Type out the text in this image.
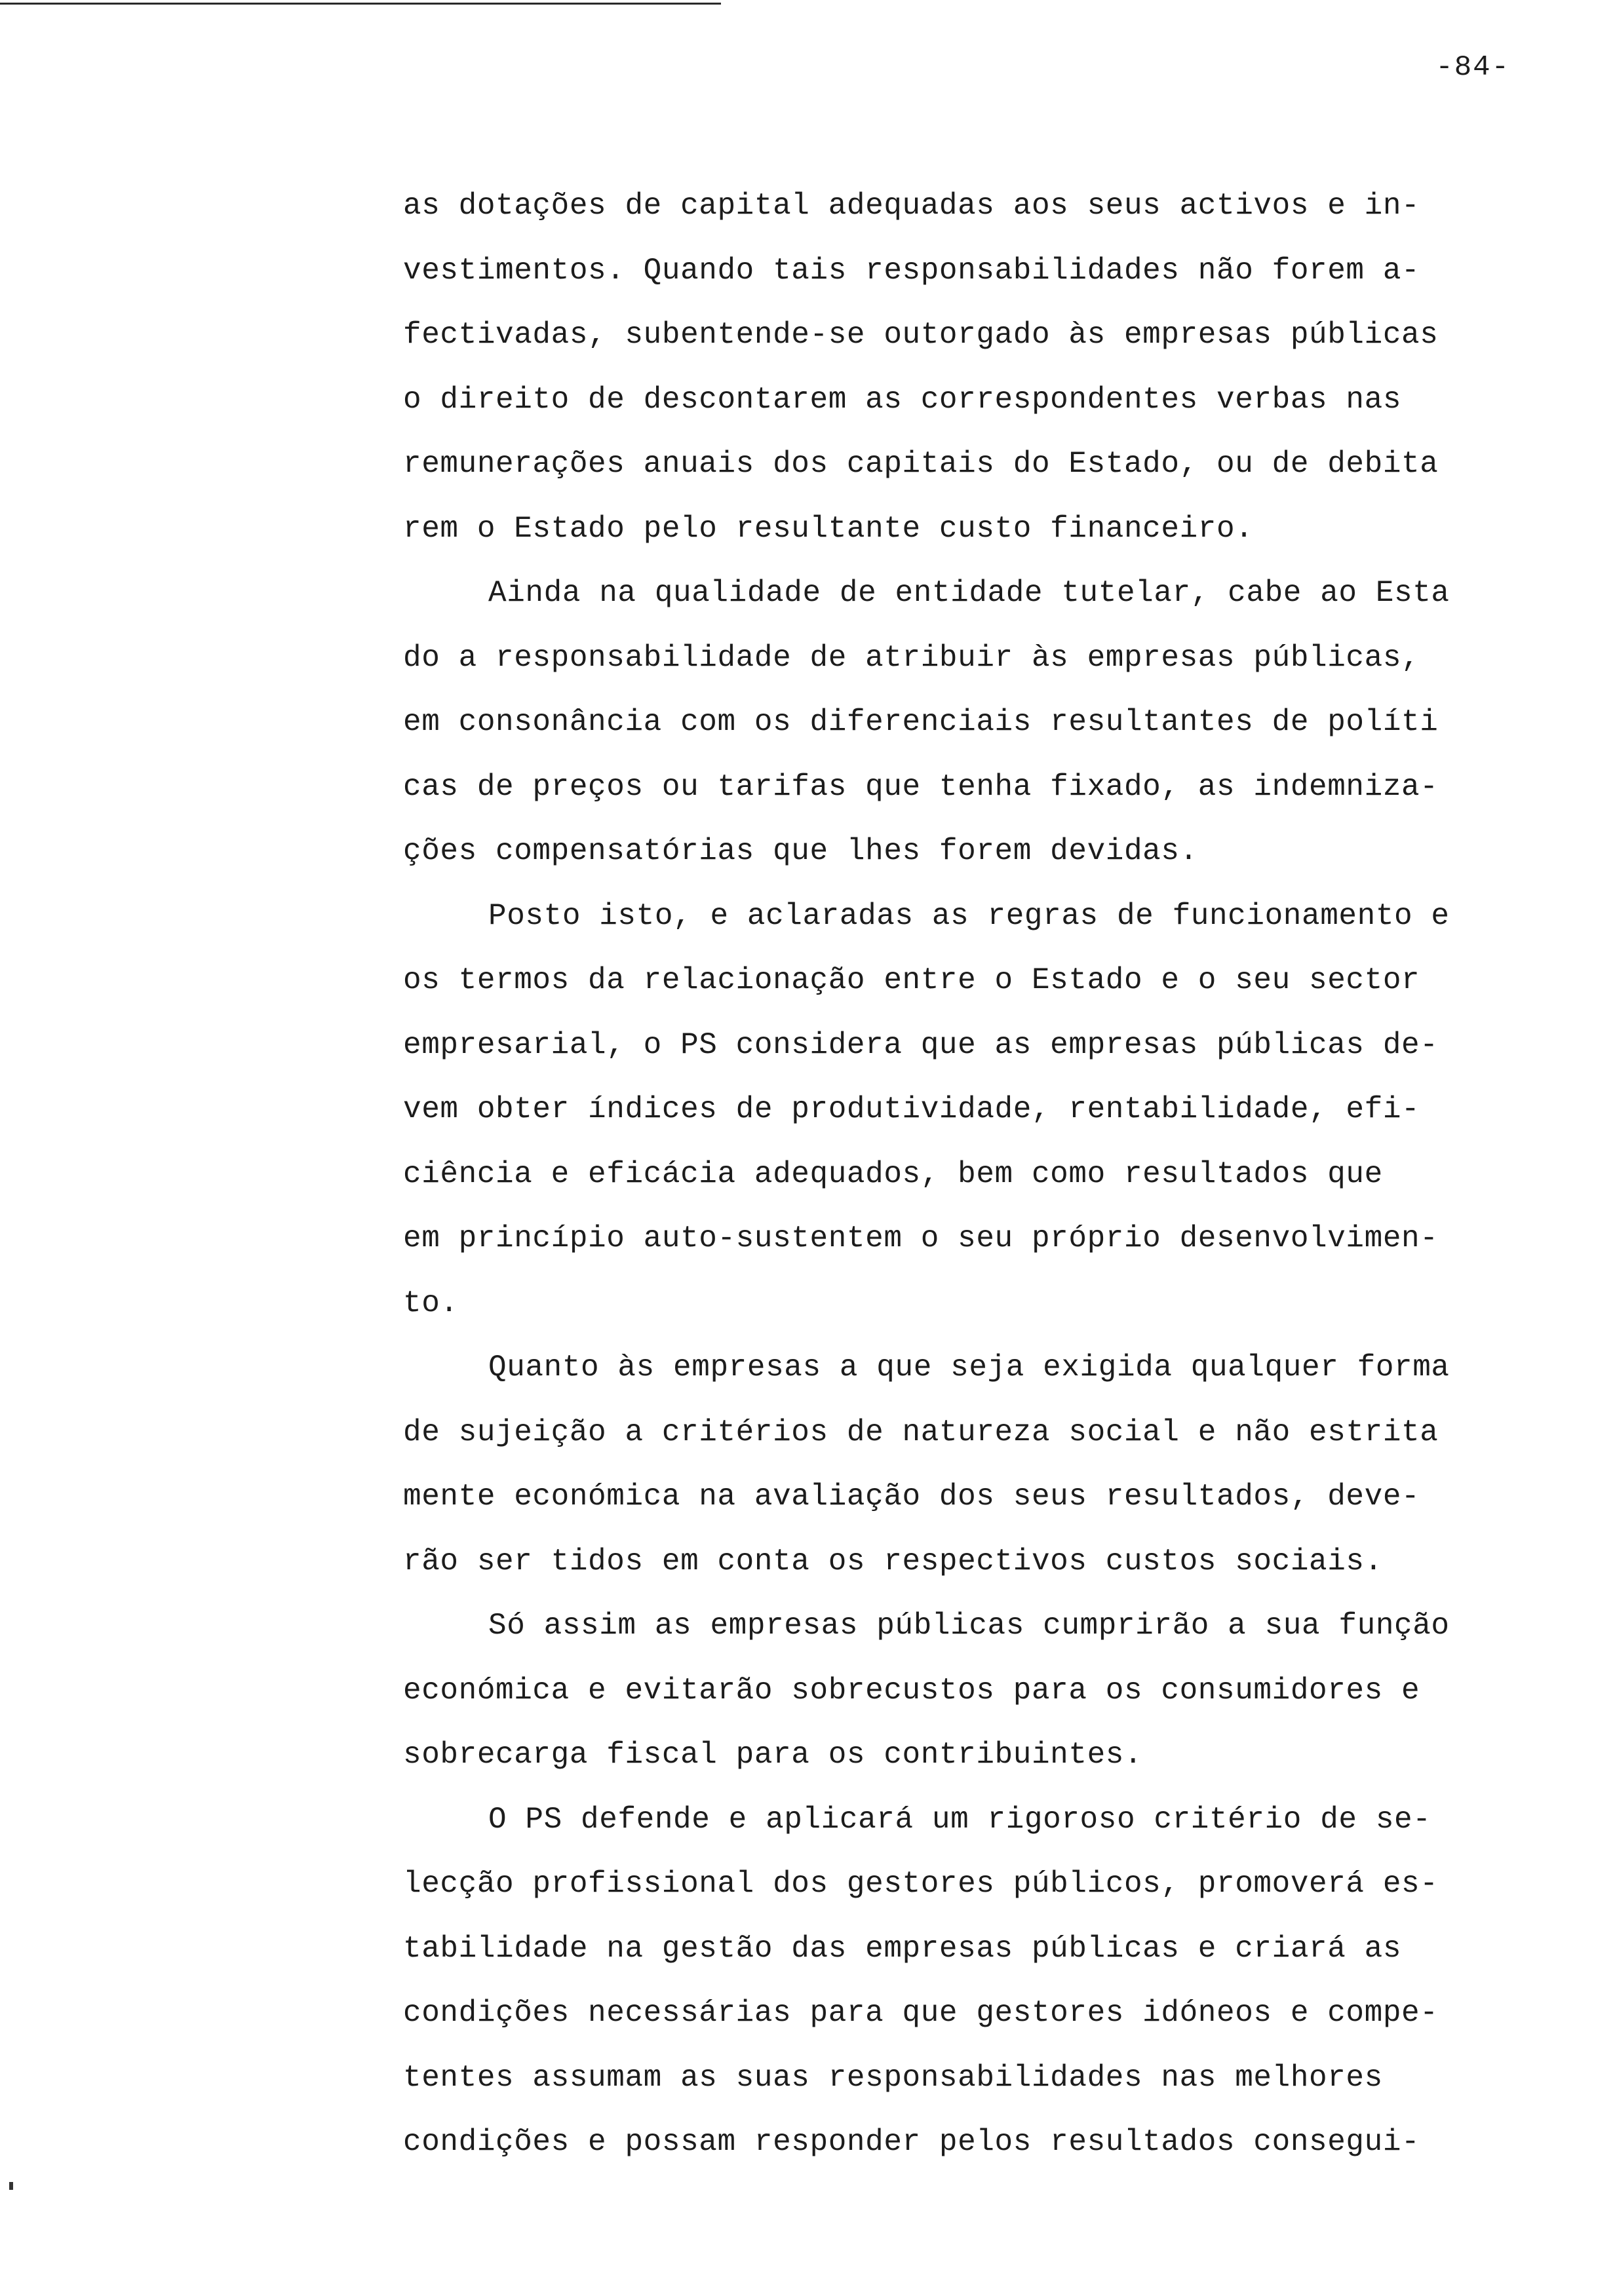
-84-
as dotações de capital adequadas aos seus activos e in-
vestimentos. Quando tais responsabilidades não forem a-
fectivadas, subentende-se outorgado às empresas públicas
o direito de descontarem as correspondentes verbas nas
remunerações anuais dos capitais do Estado, ou de debita
rem o Estado pelo resultante custo financeiro.
Ainda na qualidade de entidade tutelar, cabe ao Esta
do a responsabilidade de atribuir às empresas públicas,
em consonância com os diferenciais resultantes de políti
cas de preços ou tarifas que tenha fixado, as indemniza-
ções compensatórias que lhes forem devidas.
Posto isto, e aclaradas as regras de funcionamento e
os termos da relacionação entre o Estado e o seu sector
empresarial, o PS considera que as empresas públicas de-
vem obter índices de produtividade, rentabilidade, efi-
ciência e eficácia adequados, bem como resultados que
em princípio auto-sustentem o seu próprio desenvolvimen-
to.
Quanto às empresas a que seja exigida qualquer forma
de sujeição a critérios de natureza social e não estrita
mente económica na avaliação dos seus resultados, deve-
rão ser tidos em conta os respectivos custos sociais.
Só assim as empresas públicas cumprirão a sua função
económica e evitarão sobrecustos para os consumidores e
sobrecarga fiscal para os contribuintes.
O PS defende e aplicará um rigoroso critério de se-
lecção profissional dos gestores públicos, promoverá es-
tabilidade na gestão das empresas públicas e criará as
condições necessárias para que gestores idóneos e compe-
tentes assumam as suas responsabilidades nas melhores
condições e possam responder pelos resultados consegui-
